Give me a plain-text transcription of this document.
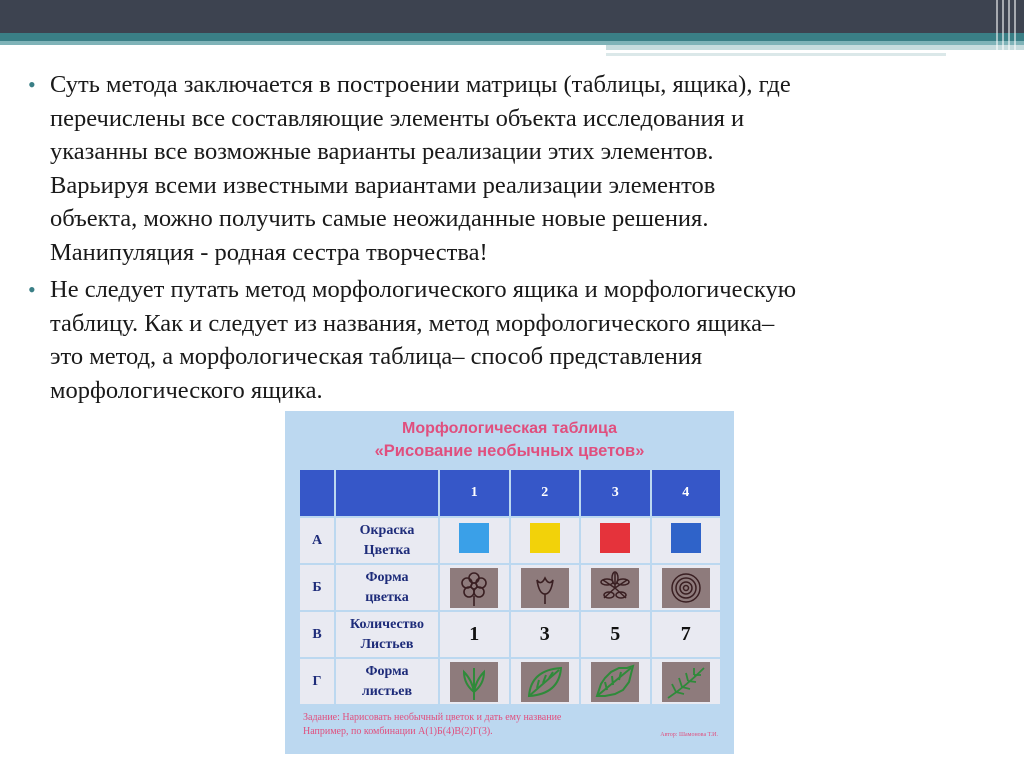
• Суть метода заключается в построении матрицы (таблицы, ящика), где

перечислены все составляющие элементы объекта исследования и

указанны все возможные варианты реализации этих элементов.

Варьируя всеми известными вариантами реализации элементов

объекта, можно получить самые неожиданные новые решения.

Манипуляция - родная сестра творчества!

• Не следует путать метод морфологического ящика и морфологическую

таблицу. Как и следует из названия, метод морфологического ящика–

это метод, а морфологическая таблица– способ представления

морфологического ящика.

Морфологическая таблица
«Рисование необычных цветов»
		1	2	3	4
А	Окраска
Цветка				

Б	Форма
цветка

В	Количество
Листьев	1	3	5	7
Г	Форма
листьев

Задание: Нарисовать необычный цветок и дать ему название
Например, по комбинации А(1)Б(4)В(2)Г(3).	Автор: Шамонова Т.И.
